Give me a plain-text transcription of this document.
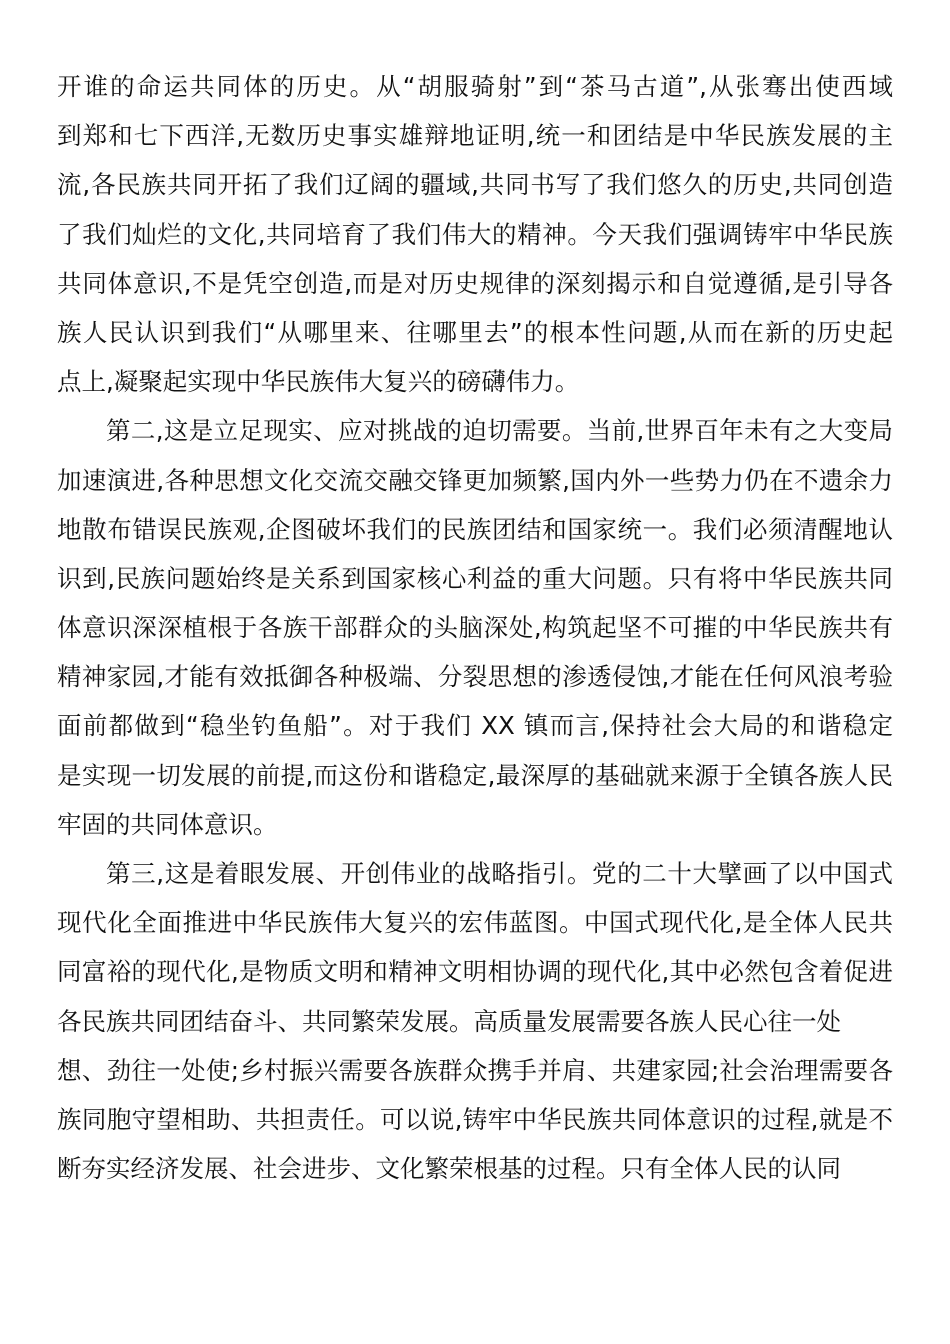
开谁的命运共同体的历史。从“胡服骑射”到“茶马古道”,从张骞出使西域
到郑和七下西洋,无数历史事实雄辩地证明,统一和团结是中华民族发展的主
流,各民族共同开拓了我们辽阔的疆域,共同书写了我们悠久的历史,共同创造
了我们灿烂的文化,共同培育了我们伟大的精神。今天我们强调铸牢中华民族
共同体意识,不是凭空创造,而是对历史规律的深刻揭示和自觉遵循,是引导各
族人民认识到我们“从哪里来、往哪里去”的根本性问题,从而在新的历史起
点上,凝聚起实现中华民族伟大复兴的磅礴伟力。
第二,这是立足现实、应对挑战的迫切需要。当前,世界百年未有之大变局
加速演进,各种思想文化交流交融交锋更加频繁,国内外一些势力仍在不遗余力
地散布错误民族观,企图破坏我们的民族团结和国家统一。我们必须清醒地认
识到,民族问题始终是关系到国家核心利益的重大问题。只有将中华民族共同
体意识深深植根于各族干部群众的头脑深处,构筑起坚不可摧的中华民族共有
精神家园,才能有效抵御各种极端、分裂思想的渗透侵蚀,才能在任何风浪考验
面前都做到“稳坐钓鱼船”。对于我们 XX 镇而言,保持社会大局的和谐稳定
是实现一切发展的前提,而这份和谐稳定,最深厚的基础就来源于全镇各族人民
牢固的共同体意识。
第三,这是着眼发展、开创伟业的战略指引。党的二十大擘画了以中国式
现代化全面推进中华民族伟大复兴的宏伟蓝图。中国式现代化,是全体人民共
同富裕的现代化,是物质文明和精神文明相协调的现代化,其中必然包含着促进
各民族共同团结奋斗、共同繁荣发展。高质量发展需要各族人民心往一处
想、劲往一处使;乡村振兴需要各族群众携手并肩、共建家园;社会治理需要各
族同胞守望相助、共担责任。可以说,铸牢中华民族共同体意识的过程,就是不
断夯实经济发展、社会进步、文化繁荣根基的过程。只有全体人民的认同
